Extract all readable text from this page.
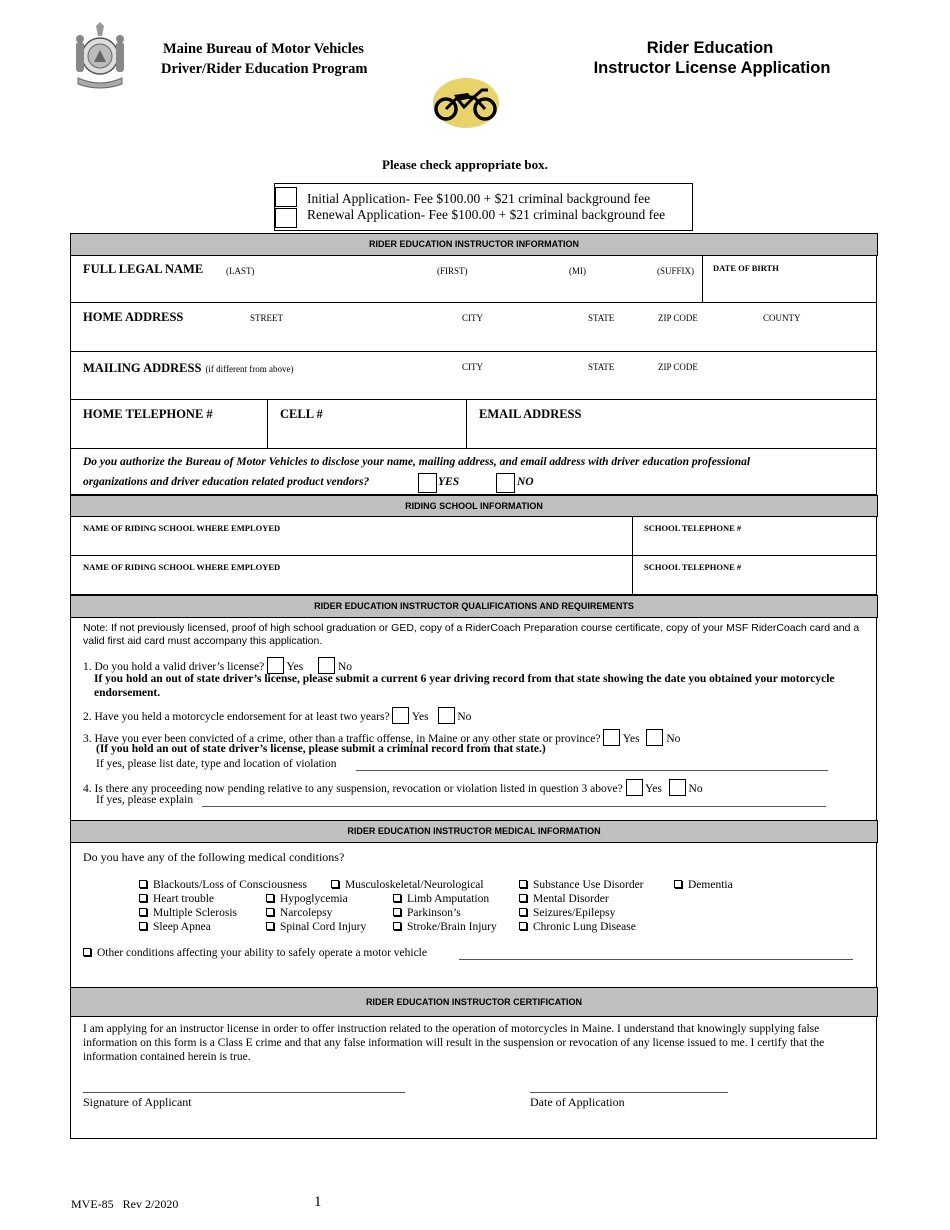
Maine Bureau of Motor Vehicles
Driver/Rider Education Program
Rider Education
Instructor License Application
Please check appropriate box.
Initial Application- Fee $100.00 + $21 criminal background fee
Renewal Application- Fee $100.00 + $21 criminal background fee
RIDER EDUCATION INSTRUCTOR INFORMATION
FULL LEGAL NAME	(LAST)	(FIRST)	(MI)	(SUFFIX) DATE OF BIRTH
HOME ADDRESS	STREET	CITY	STATE	ZIP CODE	COUNTY
MAILING ADDRESS (if different from above)	CITY	STATE	ZIP CODE
HOME TELEPHONE #	CELL #	EMAIL ADDRESS
Do you authorize the Bureau of Motor Vehicles to disclose your name, mailing address, and email address with driver education professional
organizations and driver education related product vendors?	YES	NO
RIDING SCHOOL INFORMATION
NAME OF RIDING SCHOOL WHERE EMPLOYED	SCHOOL TELEPHONE #
NAME OF RIDING SCHOOL WHERE EMPLOYED	SCHOOL TELEPHONE #
RIDER EDUCATION INSTRUCTOR QUALIFICATIONS AND REQUIREMENTS
Note: If not previously licensed, proof of high school graduation or GED, copy of a RiderCoach Preparation course certificate, copy of your MSF RiderCoach card and a valid first aid card must accompany this application.
1. Do you hold a valid driver’s license? Yes	No
If you hold an out of state driver’s license, please submit a current 6 year driving record from that state showing the date you obtained your motorcycle endorsement.
2. Have you held a motorcycle endorsement for at least two years? Yes	No
3. Have you ever been convicted of a crime, other than a traffic offense, in Maine or any other state or province? Yes No
(If you hold an out of state driver’s license, please submit a criminal record from that state.)
If yes, please list date, type and location of violation
4. Is there any proceeding now pending relative to any suspension, revocation or violation listed in question 3 above? Yes No
If yes, please explain
RIDER EDUCATION INSTRUCTOR MEDICAL INFORMATION
Do you have any of the following medical conditions?
Blackouts/Loss of Consciousness
Heart trouble
Multiple Sclerosis
Sleep Apnea
Musculoskeletal/Neurological
Hypoglycemia
Narcolepsy
Spinal Cord Injury
Limb Amputation
Parkinson’s
Stroke/Brain Injury
Substance Use Disorder
Mental Disorder
Seizures/Epilepsy
Chronic Lung Disease
Dementia
Other conditions affecting your ability to safely operate a motor vehicle
RIDER EDUCATION INSTRUCTOR CERTIFICATION
I am applying for an instructor license in order to offer instruction related to the operation of motorcycles in Maine. I understand that knowingly supplying false information on this form is a Class E crime and that any false information will result in the suspension or revocation of any license issued to me. I certify that the information contained herein is true.
Signature of Applicant	Date of Application
MVE-85   Rev 2/2020	1
